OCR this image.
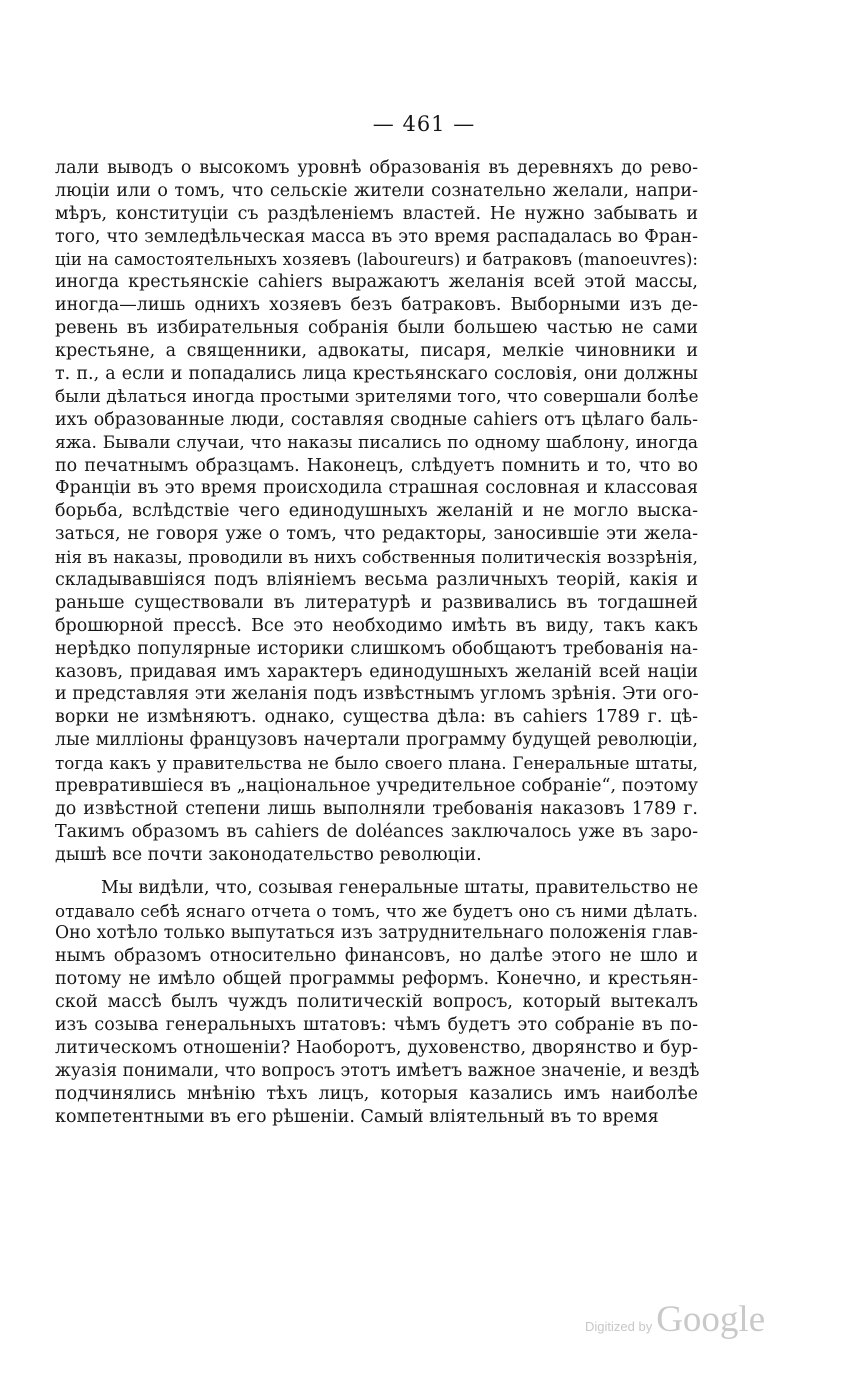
— 461 —
лали выводъ о высокомъ уровнѣ образованія въ деревняхъ до рево-
люціи или о томъ, что сельскіе жители сознательно желали, напри-
мѣръ, конституціи съ раздѣленіемъ властей. Не нужно забывать и
того, что земледѣльческая масса въ это время распадалась во Фран-
ціи на самостоятельныхъ хозяевъ (laboureurs) и батраковъ (manoeuvres):
иногда крестьянскіе cahiers выражаютъ желанія всей этой массы,
иногда—лишь однихъ хозяевъ безъ батраковъ. Выборными изъ де-
ревень въ избирательныя собранія были большею частью не сами
крестьяне, а священники, адвокаты, писаря, мелкіе чиновники и
т. п., а если и попадались лица крестьянскаго сословія, они должны
были дѣлаться иногда простыми зрителями того, что совершали болѣе
ихъ образованные люди, составляя сводные cahiers отъ цѣлаго баль-
яжа. Бывали случаи, что наказы писались по одному шаблону, иногда
по печатнымъ образцамъ. Наконецъ, слѣдуетъ помнить и то, что во
Франціи въ это время происходила страшная сословная и классовая
борьба, вслѣдствіе чего единодушныхъ желаній и не могло выска-
заться, не говоря уже о томъ, что редакторы, заносившіе эти жела-
нія въ наказы, проводили въ нихъ собственныя политическія воззрѣнія,
складывавшіяся подъ вліяніемъ весьма различныхъ теорій, какія и
раньше существовали въ литературѣ и развивались въ тогдашней
брошюрной прессѣ. Все это необходимо имѣть въ виду, такъ какъ
нерѣдко популярные историки слишкомъ обобщаютъ требованія на-
казовъ, придавая имъ характеръ единодушныхъ желаній всей націи
и представляя эти желанія подъ извѣстнымъ угломъ зрѣнія. Эти ого-
ворки не измѣняютъ. однако, существа дѣла: въ cahiers 1789 г. цѣ-
лые милліоны французовъ начертали программу будущей революціи,
тогда какъ у правительства не было своего плана. Генеральные штаты,
превратившіеся въ „національное учредительное собраніе“, поэтому
до извѣстной степени лишь выполняли требованія наказовъ 1789 г.
Такимъ образомъ въ cahiers de doléances заключалось уже въ заро-
дышѣ все почти законодательство революціи.
Мы видѣли, что, созывая генеральные штаты, правительство не
отдавало себѣ яснаго отчета о томъ, что же будетъ оно съ ними дѣлать.
Оно хотѣло только выпутаться изъ затруднительнаго положенія глав-
нымъ образомъ относительно финансовъ, но далѣе этого не шло и
потому не имѣло общей программы реформъ. Конечно, и крестьян-
ской массѣ былъ чуждъ политическій вопросъ, который вытекалъ
изъ созыва генеральныхъ штатовъ: чѣмъ будетъ это собраніе въ по-
литическомъ отношеніи? Наоборотъ, духовенство, дворянство и бур-
жуазія понимали, что вопросъ этотъ имѣетъ важное значеніе, и вездѣ
подчинялись мнѣнію тѣхъ лицъ, которыя казались имъ наиболѣе
компетентными въ его рѣшеніи. Самый вліятельный въ то время
Digitized by Google
